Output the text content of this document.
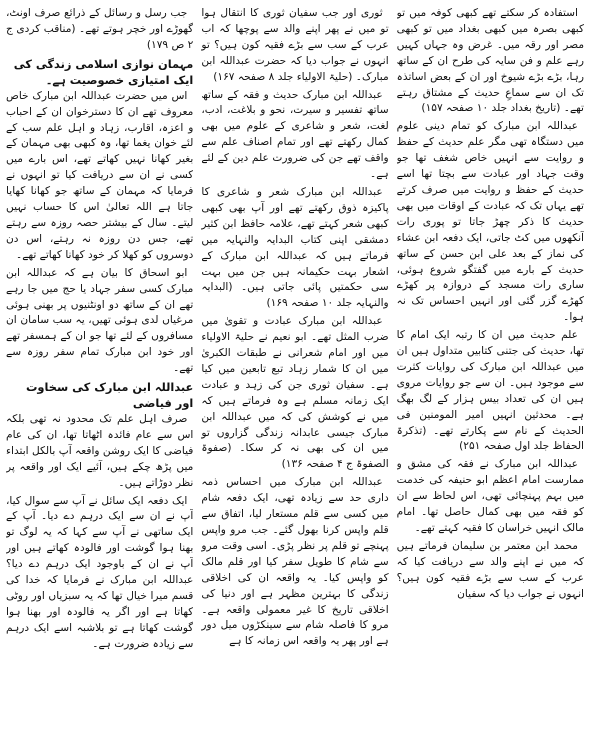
استفادہ کر سکتے تھے کبھی کوفہ میں تو کبھی بصرہ میں کبھی بغداد میں تو کبھی مصر اور رقہ میں۔ غرض وہ جہاں کہیں رہے علم و فن سایہ کی طرح ان کے ساتھ رہا، بڑے بڑے شیوخ اور ان کے بعض اساتذہ تک ان سے سماعِ حدیث کے مشتاق رہتے تھے۔ (تاریخ بغداد جلد ۱۰ صفحہ ۱۵۷)

عبداللہ ابن مبارک کو تمام دینی علوم میں دستگاہ تھی مگر علم حدیث کے حفظ و روایت سے انہیں خاص شغف تھا جو وقت جہاد اور عبادت سے بچتا تھا اسے حدیث کے حفظ و روایت میں صرف کرتے تھے یہاں تک کہ عبادت کے اوقات میں بھی حدیث کا ذکر چھڑ جاتا تو پوری رات آنکھوں میں کٹ جاتی، ایک دفعہ ابن عشاء کی نماز کے بعد علی ابن حسن کے ساتھ حدیث کے بارے میں گفتگو شروع ہوئی، ساری رات مسجد کے دروازہ پر کھڑے کھڑے گزر گئی اور انہیں احساس تک نہ ہوا۔

علم حدیث میں ان کا رتبہ ایک امام کا تھا، حدیث کی جتنی کتابیں متداول ہیں ان میں عبداللہ ابن مبارک کی روایات کثرت سے موجود ہیں۔ ان سے جو روایات مروی ہیں ان کی تعداد بیس ہزار کے لگ بھگ ہے۔ محدثین انہیں امیر المومنین فی الحدیث کے نام سے پکارتے تھے۔ (تذکرۃ الحفاظ جلد اول صفحہ ۲۵۱)

عبداللہ ابن مبارک نے فقہ کی مشق و ممارست امام اعظم ابو حنیفہ کی خدمت میں بہم پہنچائی تھی، اس لحاظ سے ان کو فقہ میں بھی کمال حاصل تھا۔ امام مالک انہیں خراسان کا فقیہ کہتے تھے۔

محمد ابن معتمر بن سلیمان فرماتے ہیں کہ میں نے اپنے والد سے دریافت کیا کہ عرب کے سب سے بڑے فقیہ کون ہیں؟ انہوں نے جواب دیا کہ سفیان

ثوری اور جب سفیان ثوری کا انتقال ہوا تو میں نے پھر اپنے والد سے پوچھا کہ اب عرب کے سب سے بڑے فقیہ کون ہیں؟ تو انہوں نے جواب دیا کہ حضرت عبداللہ ابن مبارک۔ (حلیۃ الاولیاء جلد ۸ صفحہ ۱۶۷)

عبداللہ ابن مبارک حدیث و فقہ کے ساتھ ساتھ تفسیر و سیرت، نحو و بلاغت، ادب، لغت، شعر و شاعری کے علوم میں بھی کمال رکھتے تھے اور تمام اصناف علم سے واقف تھے جن کی ضرورت علم دین کے لئے ہے۔

عبداللہ ابن مبارک شعر و شاعری کا پاکیزہ ذوق رکھتے تھے اور آپ بھی کبھی کبھی شعر کہتے تھے، علامہ حافظ ابن کثیر دمشقی اپنی کتاب البدایہ والنہایہ میں فرماتے ہیں کہ عبداللہ ابن مبارک کے اشعار بہت حکیمانہ ہیں جن میں بہت سی حکمتیں پائی جاتی ہیں۔ (البدایہ والنہایہ جلد ۱۰ صفحہ ۱۶۹)

عبداللہ ابن مبارک عبادت و تقویٰ میں ضرب المثل تھے۔ ابو نعیم نے حلیۃ الاولیاء میں اور امام شعرانی نے طبقات الکبریٰ میں ان کا شمار زہاد تبع تابعین میں کیا ہے۔ سفیان ثوری جن کی زہد و عبادت ایک زمانہ مسلم ہے وہ فرماتے ہیں کہ میں نے کوشش کی کہ میں عبداللہ ابن مبارک جیسی عابدانہ زندگی گزاروں تو میں ان کی بھی نہ کر سکا۔ (صفوۃ الصفوۃ ج ۴ صفحہ ۱۳۶)

عبداللہ ابن مبارک میں احساس ذمہ داری حد سے زیادہ تھی، ایک دفعہ شام میں کسی سے قلم مستعار لیا، اتفاق سے قلم واپس کرنا بھول گئے۔ جب مرو واپس پہنچے تو قلم پر نظر پڑی۔ اسی وقت مرو سے شام کا طویل سفر کیا اور قلم مالک کو واپس کیا۔ یہ واقعہ ان کی اخلاقی زندگی کا بہترین مظہر ہے اور دنیا کی اخلاقی تاریخ کا غیر معمولی واقعہ ہے۔ مرو کا فاصلہ شام سے سینکڑوں میل دور ہے اور پھر یہ واقعہ اس زمانہ کا ہے

جب رسل و رسائل کے ذرائع صرف اونٹ، گھوڑے اور خچر ہوتے تھے۔ (مناقب کردی ج ۲ ص ۱۷۹)

مہمان نوازی اسلامی زندگی کی ایک امتیازی خصوصیت ہے۔

اس میں حضرت عبداللہ ابن مبارک خاص معروف تھے ان کا دسترخوان ان کے احباب و اعزہ، اقارب، زہاد و اہل علم سب کے لئے خوان یغما تھا، وہ کبھی بھی مہمان کے بغیر کھانا نہیں کھاتے تھے، اس بارے میں کسی نے ان سے دریافت کیا تو انہوں نے فرمایا کہ مہمان کے ساتھ جو کھانا کھایا جاتا ہے اللہ تعالیٰ اس کا حساب نہیں لیتے۔ سال کے بیشتر حصہ روزہ سے رہتے تھے، جس دن روزہ نہ رہتے، اس دن دوسروں کو کھلا کر خود کھانا کھاتے تھے۔

ابو اسحاق کا بیان ہے کہ عبداللہ ابن مبارک کسی سفر جہاد یا حج میں جا رہے تھے ان کے ساتھ دو اونٹنیوں پر بھنی ہوئی مرغیاں لدی ہوئی تھیں، یہ سب سامان ان مسافروں کے لئے تھا جو ان کے ہمسفر تھے اور خود ابن مبارک تمام سفر روزہ سے تھے۔

عبداللہ ابن مبارک کی سخاوت اور فیاضی

صرف اہل علم تک محدود نہ تھی بلکہ اس سے عام فائدہ اٹھاتا تھا، ان کی عام فیاضی کا ایک روشن واقعہ آپ بالکل ابتداء میں پڑھ چکے ہیں، آئیے ایک اور واقعہ پر نظر دوڑاتے ہیں۔

ایک دفعہ ایک سائل نے آپ سے سوال کیا، آپ نے ان سے ایک درہم دے دیا۔ آپ کے ایک ساتھی نے آپ سے کہا کہ یہ لوگ تو بھنا ہوا گوشت اور فالودہ کھاتے ہیں اور آپ نے ان کے باوجود ایک درہم دے دیا؟ عبداللہ ابن مبارک نے فرمایا کہ خدا کی قسم میرا خیال تھا کہ یہ سبزیاں اور روٹی کھاتا ہے اور اگر یہ فالودہ اور بھنا ہوا گوشت کھاتا ہے تو بلاشبہ اسے ایک درہم سے زیادہ ضرورت ہے۔
